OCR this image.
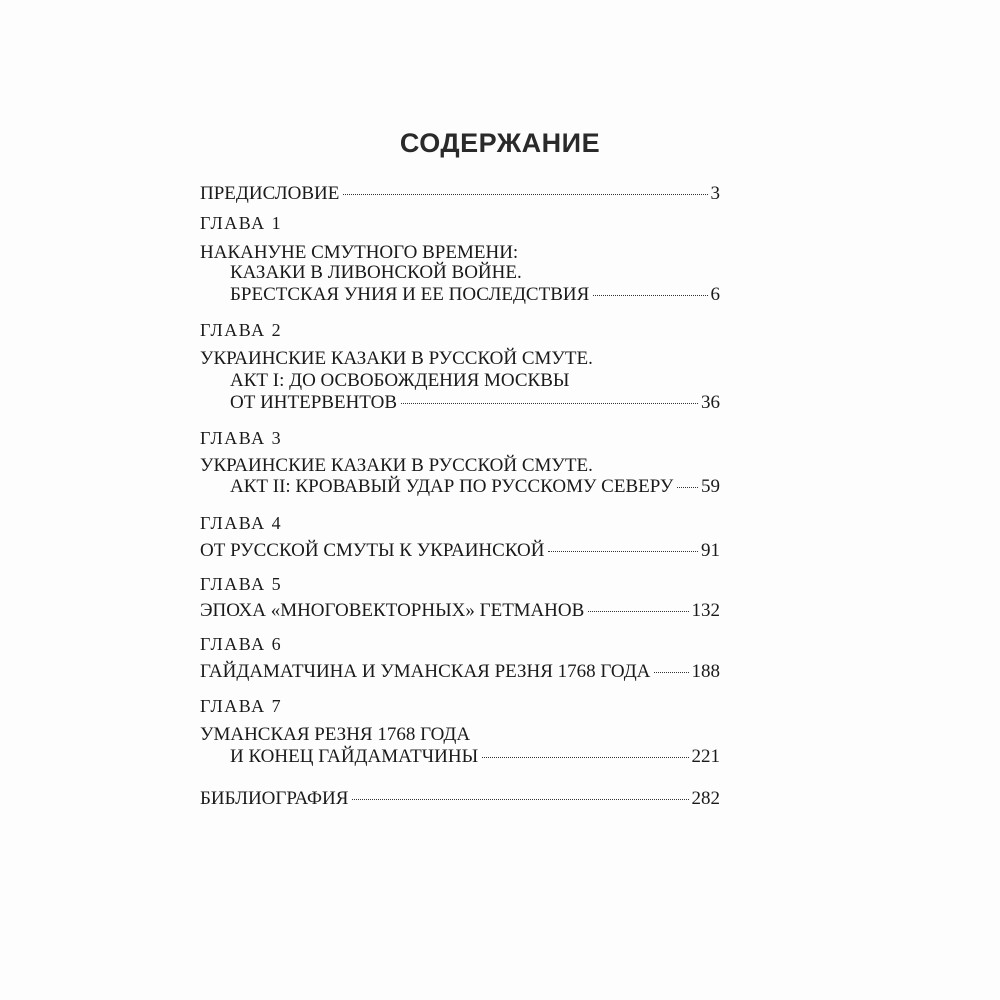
СОДЕРЖАНИЕ
ПРЕДИСЛОВИЕ	3
ГЛАВА 1
НАКАНУНЕ СМУТНОГО ВРЕМЕНИ:
КАЗАКИ В ЛИВОНСКОЙ ВОЙНЕ.
БРЕСТСКАЯ УНИЯ И ЕЕ ПОСЛЕДСТВИЯ	6
ГЛАВА 2
УКРАИНСКИЕ КАЗАКИ В РУССКОЙ СМУТЕ.
АКТ I: ДО ОСВОБОЖДЕНИЯ МОСКВЫ
ОТ ИНТЕРВЕНТОВ	36
ГЛАВА 3
УКРАИНСКИЕ КАЗАКИ В РУССКОЙ СМУТЕ.
АКТ II: КРОВАВЫЙ УДАР ПО РУССКОМУ СЕВЕРУ 59
ГЛАВА 4
ОТ РУССКОЙ СМУТЫ К УКРАИНСКОЙ	91
ГЛАВА 5
ЭПОХА «МНОГОВЕКТОРНЫХ» ГЕТМАНОВ	132
ГЛАВА 6
ГАЙДАМАТЧИНА И УМАНСКАЯ РЕЗНЯ 1768 ГОДА 188
ГЛАВА 7
УМАНСКАЯ РЕЗНЯ 1768 ГОДА
И КОНЕЦ ГАЙДАМАТЧИНЫ	221
БИБЛИОГРАФИЯ	282
